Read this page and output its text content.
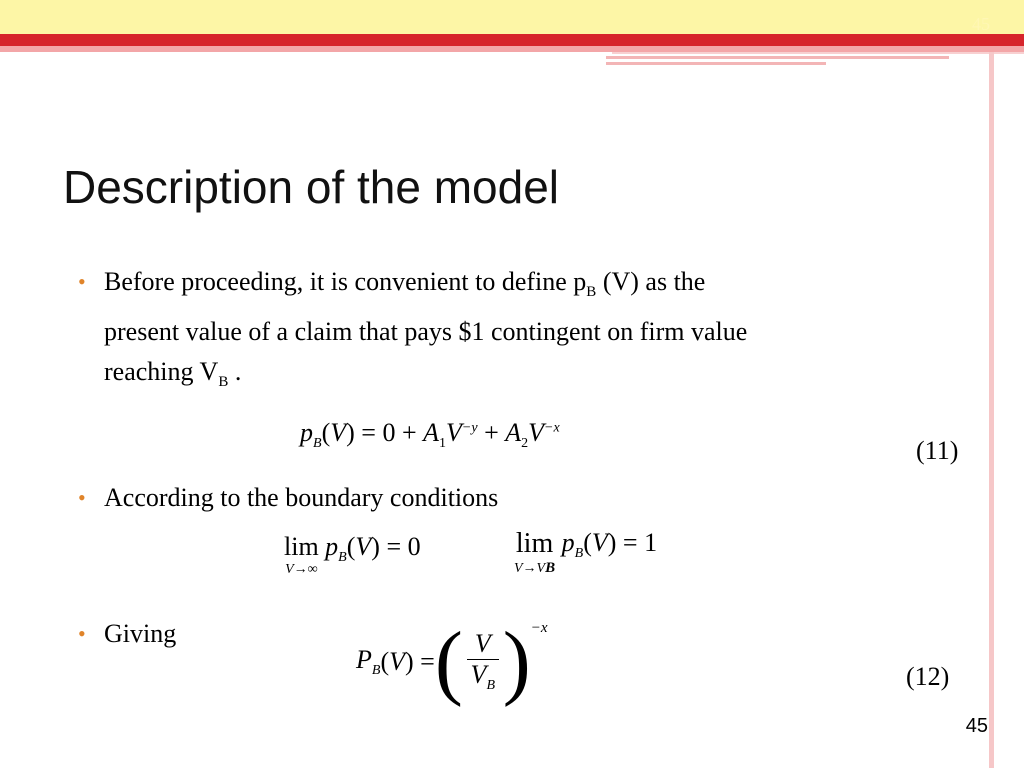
45
Description of the model
• Before proceeding, it is convenient to define $p_B$ (V) as the
present value of a claim that pays $1 contingent on firm value
reaching $V_B$ .
$p_B(V) = 0 + A_1V^{-y} + A_2V^{-x}$
(11)
• According to the boundary conditions
lim
V→∞
$p_B(V) = 0$	lim
V→VB
$p_B(V) = 1$
• Giving
$P_B$ (V) = ( $\frac{V}{V_B}$ ) −x
(12)
45
